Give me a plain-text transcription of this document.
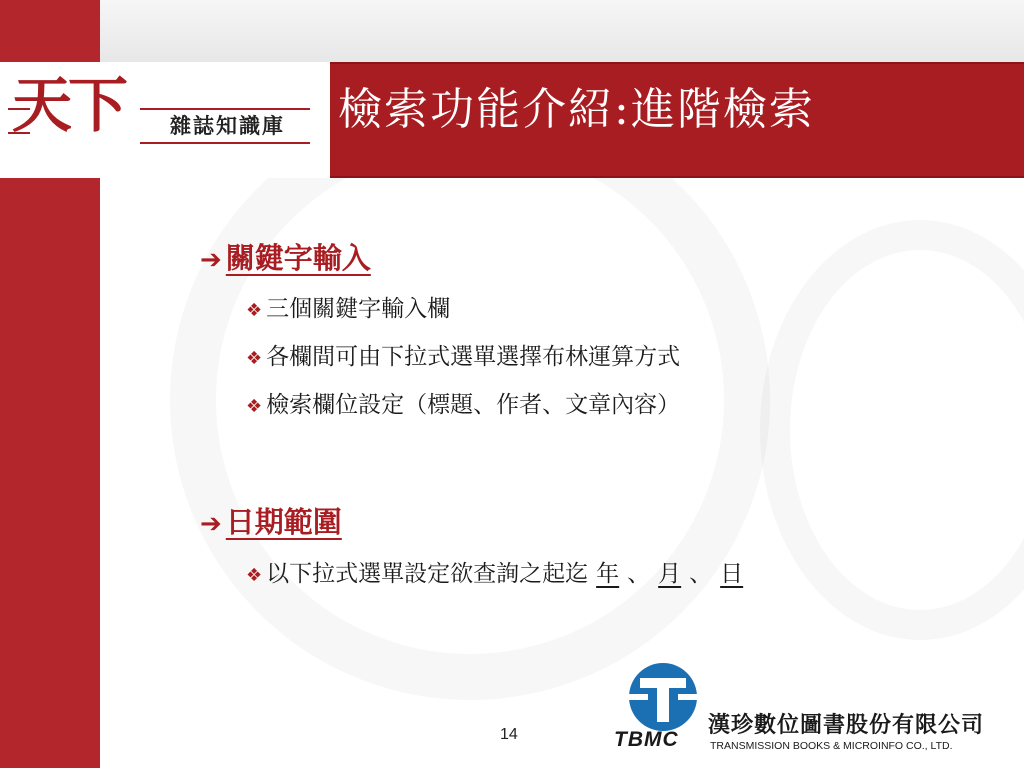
天下 雜誌知識庫 檢索功能介紹:進階檢索
➔ 關鍵字輸入
❖ 三個關鍵字輸入欄
❖ 各欄間可由下拉式選單選擇布林運算方式
❖ 檢索欄位設定（標題、作者、文章內容）
➔ 日期範圍
❖ 以下拉式選單設定欲查詢之起迄 年 、 月 、 日
14	TBMC
漢珍數位圖書股份有限公司
TRANSMISSION BOOKS & MICROINFO CO., LTD.
